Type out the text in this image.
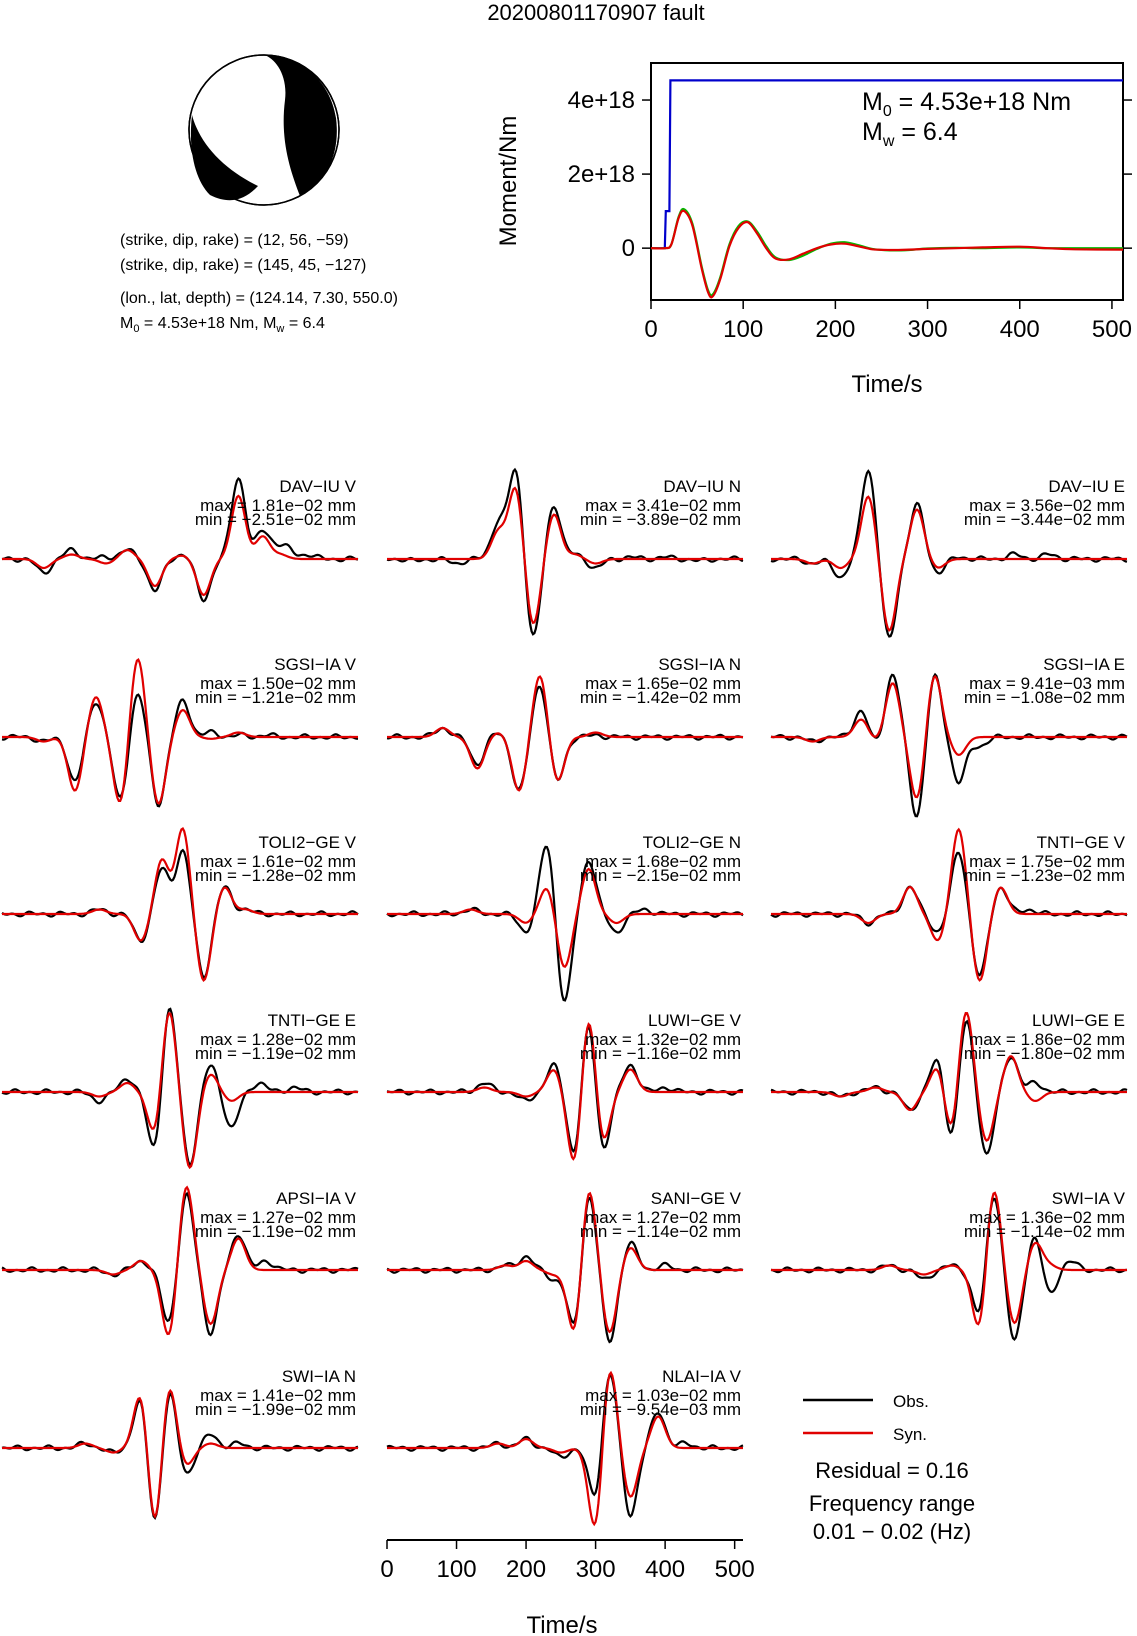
20200801170907 fault
(strike, dip, rake) = (12, 56, −59)
(strike, dip, rake) = (145, 45, −127)
(lon., lat, depth) = (124.14, 7.30, 550.0)
$M_0 = 4.53e+18$ Nm, $M_w = 6.4$	0	100 200 300 400 500
0
2e+18
4e+18
Moment/Nm
Time/s
$M_0 = 4.53e+18$ Nm
$M_w = 6.4$
DAV−IU V
max = 1.81e−02 mm
min = −2.51e−02 mm
DAV−IU N
max = 3.41e−02 mm
min = −3.89e−02 mm
DAV−IU E
max = 3.56e−02 mm
min = −3.44e−02 mm
SGSI−IA V
max = 1.50e−02 mm
min = −1.21e−02 mm
SGSI−IA N
max = 1.65e−02 mm
min = −1.42e−02 mm
SGSI−IA E
max = 9.41e−03 mm
min = −1.08e−02 mm
TOLI2−GE V
max = 1.61e−02 mm
min = −1.28e−02 mm
TOLI2−GE N
max = 1.68e−02 mm
min = −2.15e−02 mm
TNTI−GE V
max = 1.75e−02 mm
min = −1.23e−02 mm
TNTI−GE E
max = 1.28e−02 mm
min = −1.19e−02 mm
LUWI−GE V
max = 1.32e−02 mm
min = −1.16e−02 mm
LUWI−GE E
max = 1.86e−02 mm
min = −1.80e−02 mm
APSI−IA V
max = 1.27e−02 mm
min = −1.19e−02 mm
SANI−GE V
max = 1.27e−02 mm
min = −1.14e−02 mm
SWI−IA V
max = 1.36e−02 mm
min = −1.14e−02 mm
SWI−IA N
max = 1.41e−02 mm
min = −1.99e−02 mm
NLAI−IA V
max = 1.03e−02 mm
min = −9.54e−03 mm
Time/s
0 100 200 300 400 500
Obs.
Syn.
Residual = 0.16
Frequency range
0.01 − 0.02 (Hz)
